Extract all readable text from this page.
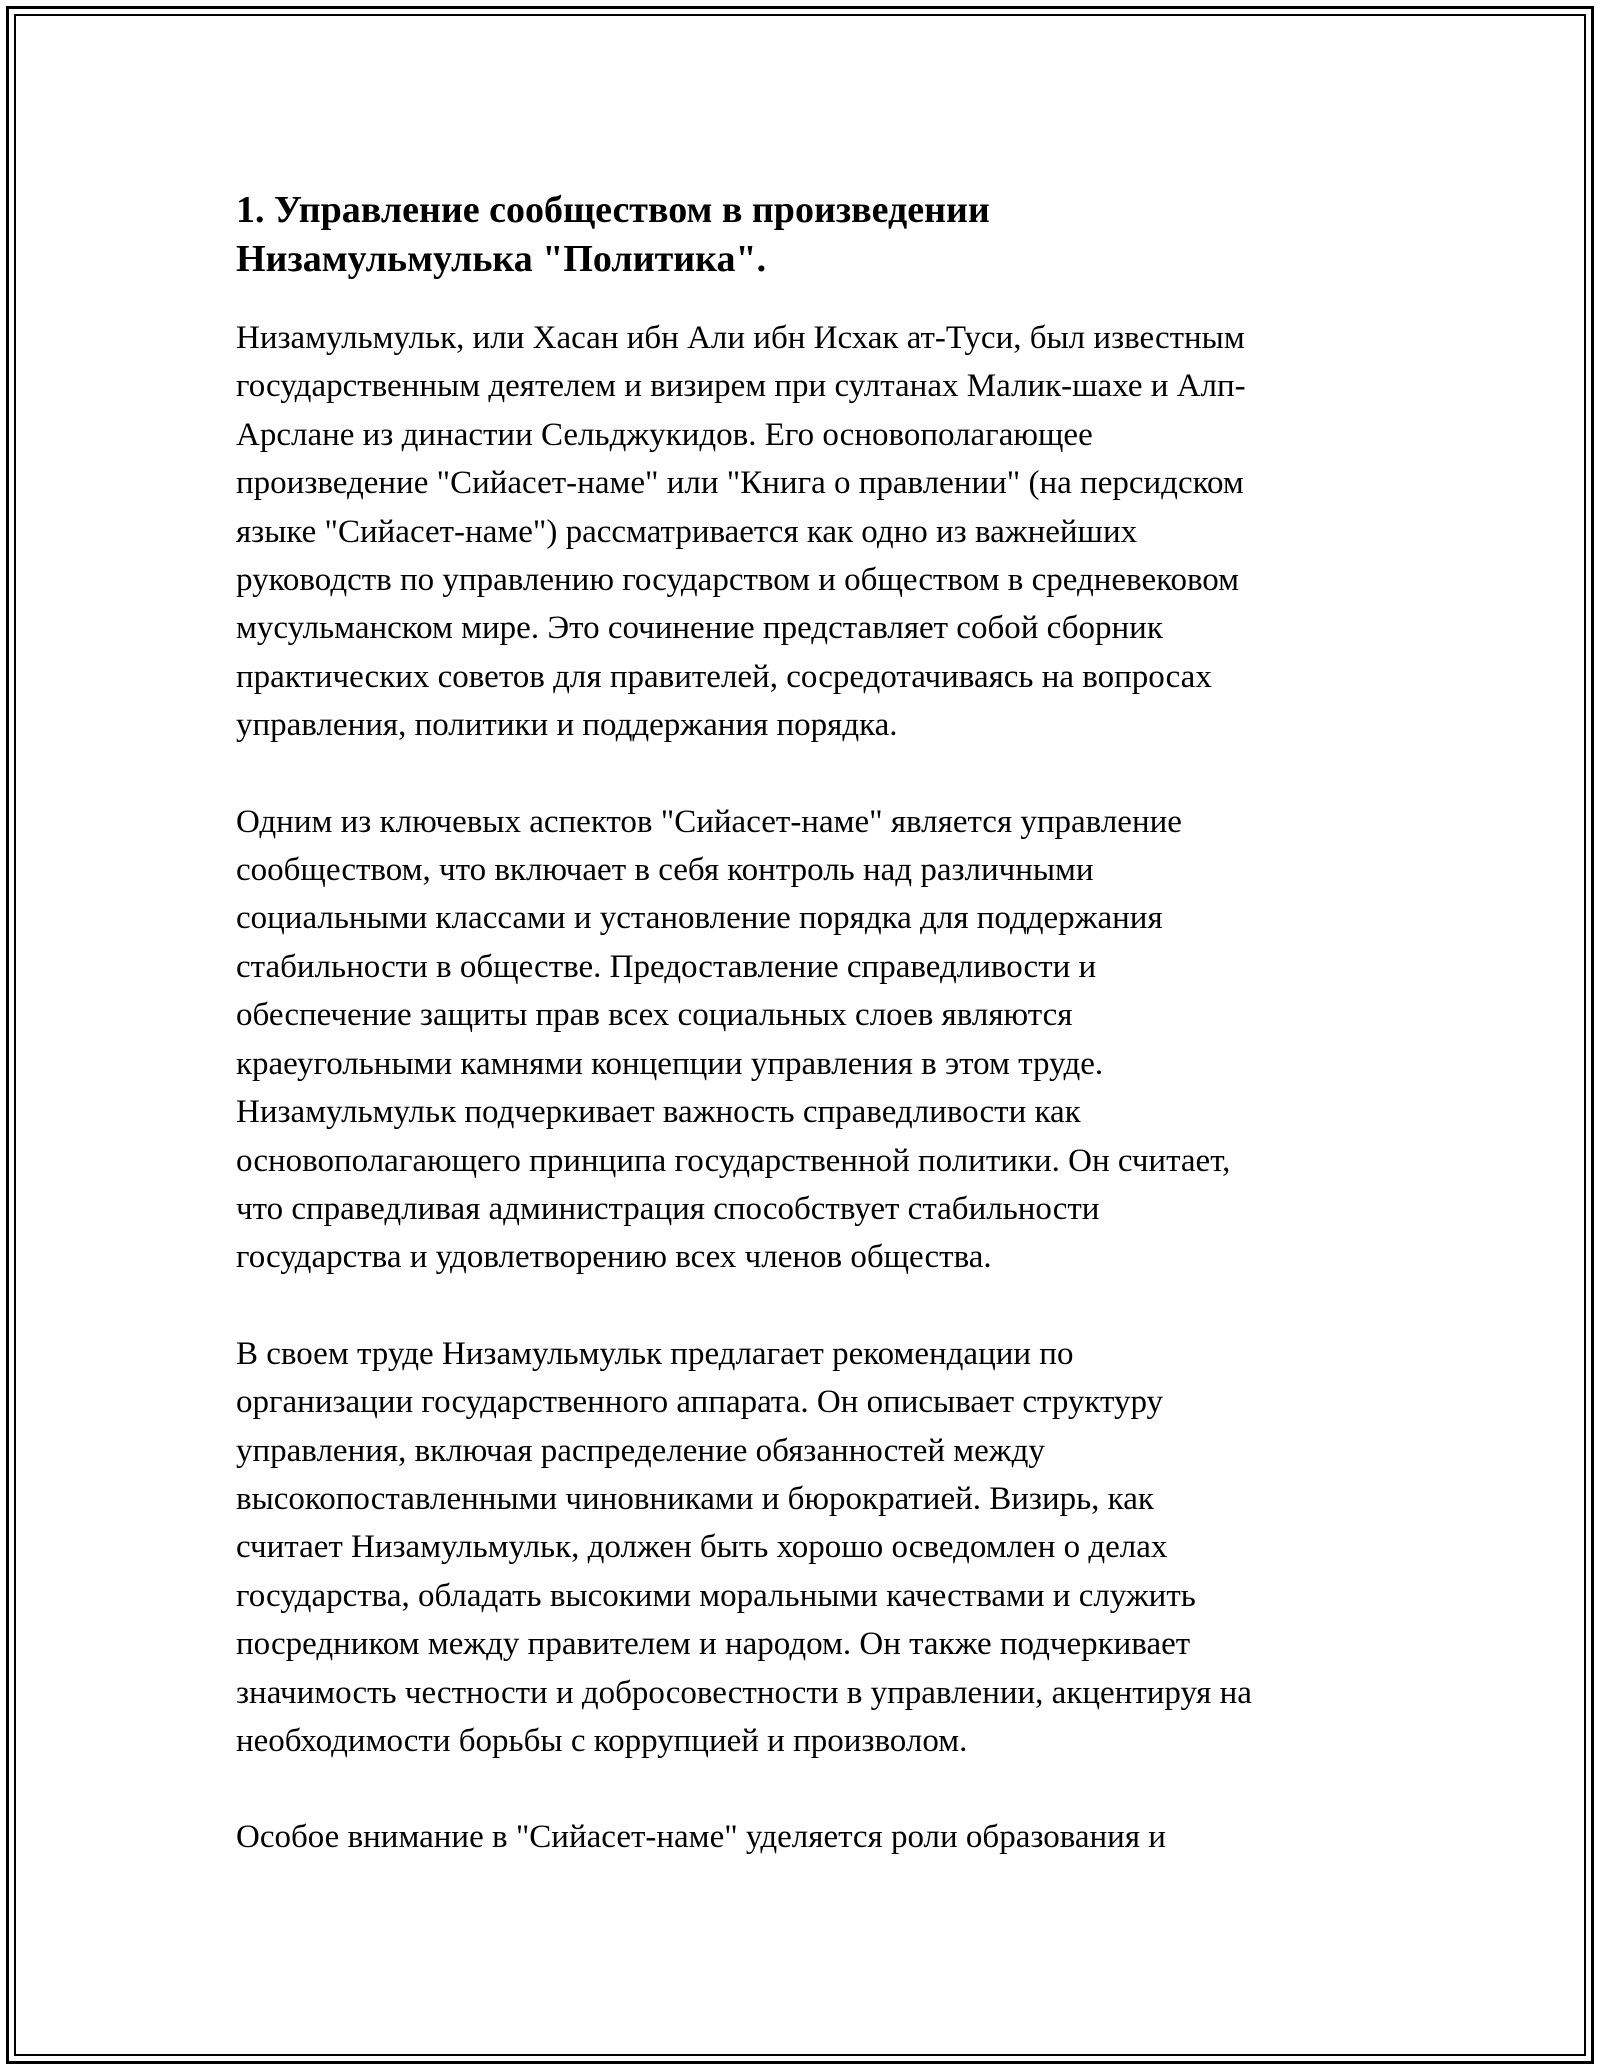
1. Управление сообществом в произведении
Низамульмулька "Политика".

Низамульмульк, или Хасан ибн Али ибн Исхак ат-Туси, был известным
государственным деятелем и визирем при султанах Малик-шахе и Алп-
Арслане из династии Сельджукидов. Его основополагающее
произведение "Сийасет-наме" или "Книга о правлении" (на персидском
языке "Сийасет-наме") рассматривается как одно из важнейших
руководств по управлению государством и обществом в средневековом
мусульманском мире. Это сочинение представляет собой сборник
практических советов для правителей, сосредотачиваясь на вопросах
управления, политики и поддержания порядка.

Одним из ключевых аспектов "Сийасет-наме" является управление
сообществом, что включает в себя контроль над различными
социальными классами и установление порядка для поддержания
стабильности в обществе. Предоставление справедливости и
обеспечение защиты прав всех социальных слоев являются
краеугольными камнями концепции управления в этом труде.
Низамульмульк подчеркивает важность справедливости как
основополагающего принципа государственной политики. Он считает,
что справедливая администрация способствует стабильности
государства и удовлетворению всех членов общества.

В своем труде Низамульмульк предлагает рекомендации по
организации государственного аппарата. Он описывает структуру
управления, включая распределение обязанностей между
высокопоставленными чиновниками и бюрократией. Визирь, как
считает Низамульмульк, должен быть хорошо осведомлен о делах
государства, обладать высокими моральными качествами и служить
посредником между правителем и народом. Он также подчеркивает
значимость честности и добросовестности в управлении, акцентируя на
необходимости борьбы с коррупцией и произволом.

Особое внимание в "Сийасет-наме" уделяется роли образования и
